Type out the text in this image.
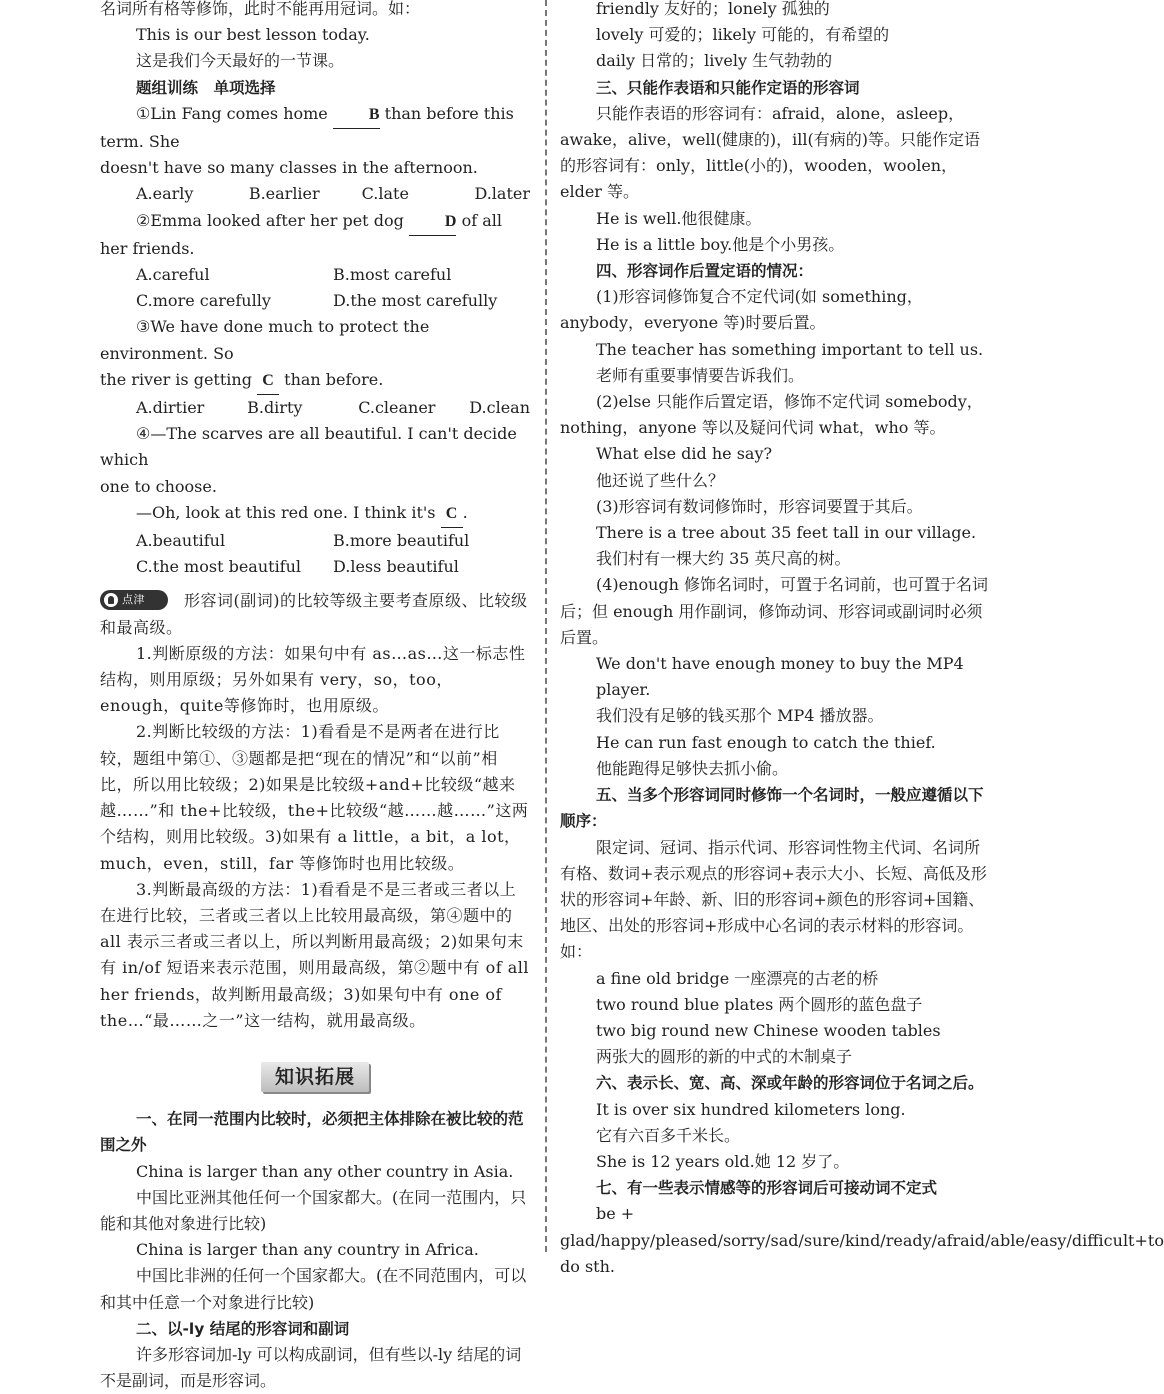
名词所有格等修饰，此时不能再用冠词。如：

This is our best lesson today.

这是我们今天最好的一节课。

题组训练　单项选择

①Lin Fang comes home	B than before this term. She

doesn't have so many classes in the afternoon.

A.early	B.earlier	C.late	D.later

②Emma looked after her pet dog	D of all her friends.

A.careful	B.most careful
C.more carefully	D.the most carefully

③We have done much to protect the environment. So

the river is getting C than before.

A.dirtier	B.dirty	C.cleaner	D.clean

④—The scarves are all beautiful. I can't decide which

one to choose.

—Oh, look at this red one. I think it's C .

A.beautiful	B.more beautiful
C.the most beautiful	D.less beautiful

点津 形容词(副词)的比较等级主要考查原级、比较级和最高级。

1.判断原级的方法：如果句中有 as…as…这一标志性结构，则用原级；另外如果有 very，so，too，enough，quite等修饰时，也用原级。

2.判断比较级的方法：1)看看是不是两者在进行比较，题组中第①、③题都是把“现在的情况”和“以前”相比，所以用比较级；2)如果是比较级+and+比较级“越来越……”和 the+比较级，the+比较级“越……越……”这两个结构，则用比较级。3)如果有 a little，a bit，a lot，much，even，still，far 等修饰时也用比较级。

3.判断最高级的方法：1)看看是不是三者或三者以上在进行比较，三者或三者以上比较用最高级，第④题中的 all 表示三者或三者以上，所以判断用最高级；2)如果句末有 in/of 短语来表示范围，则用最高级，第②题中有 of all her friends，故判断用最高级；3)如果句中有 one of the…“最……之一”这一结构，就用最高级。

知识拓展

一、在同一范围内比较时，必须把主体排除在被比较的范围之外

China is larger than any other country in Asia.

中国比亚洲其他任何一个国家都大。(在同一范围内，只能和其他对象进行比较)

China is larger than any country in Africa.

中国比非洲的任何一个国家都大。(在不同范围内，可以和其中任意一个对象进行比较)

二、以-ly 结尾的形容词和副词

许多形容词加-ly 可以构成副词，但有些以-ly 结尾的词不是副词，而是形容词。

friendly 友好的；lonely 孤独的

lovely 可爱的；likely 可能的，有希望的

daily 日常的；lively 生气勃勃的

三、只能作表语和只能作定语的形容词

只能作表语的形容词有：afraid，alone，asleep，awake，alive，well(健康的)，ill(有病的)等。只能作定语的形容词有：only，little(小的)，wooden，woolen，elder 等。

He is well.他很健康。

He is a little boy.他是个小男孩。

四、形容词作后置定语的情况：

(1)形容词修饰复合不定代词(如 something，anybody，everyone 等)时要后置。

The teacher has something important to tell us.

老师有重要事情要告诉我们。

(2)else 只能作后置定语，修饰不定代词 somebody，nothing，anyone 等以及疑问代词 what，who 等。

What else did he say?

他还说了些什么？

(3)形容词有数词修饰时，形容词要置于其后。

There is a tree about 35 feet tall in our village.

我们村有一棵大约 35 英尺高的树。

(4)enough 修饰名词时，可置于名词前，也可置于名词后；但 enough 用作副词，修饰动词、形容词或副词时必须后置。

We don't have enough money to buy the MP4 player.

我们没有足够的钱买那个 MP4 播放器。

He can run fast enough to catch the thief.

他能跑得足够快去抓小偷。

五、当多个形容词同时修饰一个名词时，一般应遵循以下顺序：

限定词、冠词、指示代词、形容词性物主代词、名词所有格、数词+表示观点的形容词+表示大小、长短、高低及形状的形容词+年龄、新、旧的形容词+颜色的形容词+国籍、地区、出处的形容词+形成中心名词的表示材料的形容词。如：

a fine old bridge 一座漂亮的古老的桥

two round blue plates 两个圆形的蓝色盘子

two big round new Chinese wooden tables

两张大的圆形的新的中式的木制桌子

六、表示长、宽、高、深或年龄的形容词位于名词之后。

It is over six hundred kilometers long.

它有六百多千米长。

She is 12 years old.她 12 岁了。

七、有一些表示情感等的形容词后可接动词不定式

be + glad/happy/pleased/sorry/sad/sure/kind/ready/afraid/able/easy/difficult+to do sth.
